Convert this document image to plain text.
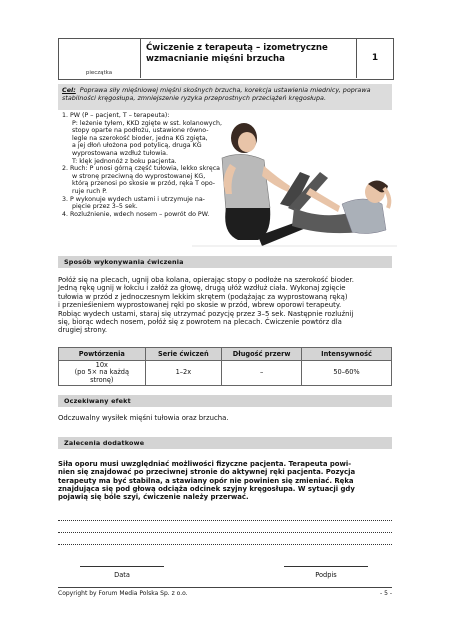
pieczątka
Ćwiczenie z terapeutą – izometryczne
wzmacnianie mięśni brzucha	1
Cel: Poprawa siły mięśniowej mięśni skośnych brzucha, korekcja ustawienia miednicy, poprawa stabilności kręgosłupa, zmniejszenie ryzyka przeprostnych przeciążeń kręgosłupa.

1. PW (P – pacjent, T – terapeuta):

P: leżenie tyłem, KKD zgięte w sst. kolanowych,

stopy oparte na podłożu, ustawione równo-

legle na szerokość bioder, jedna KG zgięta,

a jej dłoń ułożona pod potylicą, druga KG

wyprostowana wzdłuż tułowia.

T: klęk jednonóż z boku pacjenta.

2. Ruch: P unosi górną część tułowia, lekko skręca

w stronę przeciwną do wyprostowanej KG,

którą przenosi po skosie w przód, ręka T opo-

ruje ruch P.

3. P wykonuje wydech ustami i utrzymuje na-

pięcie przez 3–5 sek.

4. Rozluźnienie, wdech nosem – powrót do PW.

Sposób wykonywania ćwiczenia
Połóż się na plecach, ugnij oba kolana, opierając stopy o podłoże na szerokość bioder.
Jedną rękę ugnij w łokciu i załóż za głowę, drugą ułóż wzdłuż ciała. Wykonaj zgięcie
tułowia w przód z jednoczesnym lekkim skrętem (podążając za wyprostowaną ręką)
i przenieśieniem wyprostowanej ręki po skosie w przód, wbrew oporowi terapeuty.
Robiąc wydech ustami, staraj się utrzymać pozycję przez 3–5 sek. Następnie rozluźnij
się, biorąc wdech nosem, połóż się z powrotem na plecach. Ćwiczenie powtórz dla
drugiej strony.
Powtórzenia	Serie ćwiczeń	Długość przerw	Intensywność

10x
(po 5× na każdą
stronę)	1–2x	–	50–60%
Oczekiwany efekt
Odczuwalny wysiłek mięśni tułowia oraz brzucha.
Zalecenia dodatkowe
Siła oporu musi uwzględniać możliwości fizyczne pacjenta. Terapeuta powi-
nien się znajdować po przeciwnej stronie do aktywnej ręki pacjenta. Pozycja
terapeuty ma być stabilna, a stawiany opór nie powinien się zmieniać. Ręka
znajdująca się pod głową odciąża odcinek szyjny kręgosłupa. W sytuacji gdy
pojawią się bóle szyi, ćwiczenie należy przerwać.
Data	Podpis
Copyright by Forum Media Polska Sp. z o.o.	- 5 -
